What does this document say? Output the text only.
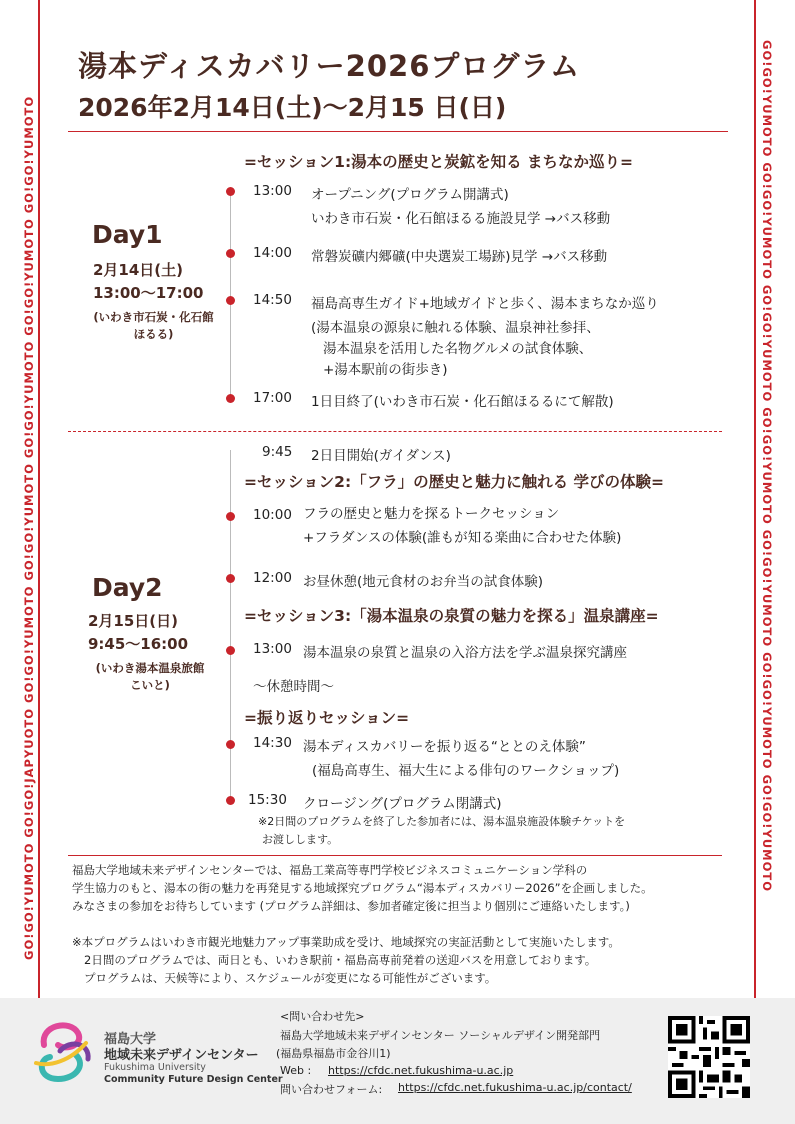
GO!GO!YUMOTO GO!GO!JAPYUOTO GO!GO!YUMOTO GO!GO!YUMOTO GO!GO!YUMOTO GO!GO!YUMOTO GO!GO!YUMOTO	GO!GO!YUMOTO GO!GO!YUMOTO GO!GO!YUMOTO GO!GO!YUMOTO GO!GO!YUMOTO GO!GO!YUMOTO GO!GO!YUMOTO
湯本ディスカバリー2026プログラム
2026年2月14日(土)〜2月15 日(日)
=セッション1:湯本の歴史と炭鉱を知る まちなか巡り=
=セッション2:「フラ」の歴史と魅力に触れる 学びの体験=
=セッション3:「湯本温泉の泉質の魅力を探る」温泉講座=
=振り返りセッション=
Day1
2月14日(土)
13:00〜17:00
(いわき市石炭・化石館
ほるる)
13:00 オープニング(プログラム開講式)
いわき市石炭・化石館ほるる施設見学 →バス移動
14:00 常磐炭礦内郷礦(中央選炭工場跡)見学 →バス移動
14:50 福島高専生ガイド+地域ガイドと歩く、湯本まちなか巡り
(湯本温泉の源泉に触れる体験、温泉神社参拝、
湯本温泉を活用した名物グルメの試食体験、
+湯本駅前の街歩き)
17:00 1日目終了(いわき市石炭・化石館ほるるにて解散)
Day2
2月15日(日)
9:45〜16:00
(いわき湯本温泉旅館
こいと)
9:45 2日目開始(ガイダンス)
10:00 フラの歴史と魅力を探るトークセッション
+フラダンスの体験(誰もが知る楽曲に合わせた体験)
12:00 お昼休憩(地元食材のお弁当の試食体験)
13:00 湯本温泉の泉質と温泉の入浴方法を学ぶ温泉探究講座
〜休憩時間〜
14:30 湯本ディスカバリーを振り返る“ととのえ体験”
(福島高専生、福大生による俳句のワークショップ)
15:30 クロージング(プログラム閉講式)
※2日間のプログラムを終了した参加者には、湯本温泉施設体験チケットを
お渡しします。
福島大学地域未来デザインセンターでは、福島工業高等専門学校ビジネスコミュニケーション学科の
学生協力のもと、湯本の街の魅力を再発見する地域探究プログラム“湯本ディスカバリー2026”を企画しました。
みなさまの参加をお待ちしています (プログラム詳細は、参加者確定後に担当より個別にご連絡いたします。)
※本プログラムはいわき市観光地魅力アップ事業助成を受け、地域探究の実証活動として実施いたします。
2日間のプログラムでは、両日とも、いわき駅前・福島高専前発着の送迎バスを用意しております。
プログラムは、天候等により、スケジュールが変更になる可能性がございます。
福島大学
地域未来デザインセンター
Fukushima University
Community Future Design Center
<問い合わせ先>
福島大学地域未来デザインセンター ソーシャルデザイン開発部門
(福島県福島市金谷川1)
Web : https://cfdc.net.fukushima-u.ac.jp
問い合わせフォーム: https://cfdc.net.fukushima-u.ac.jp/contact/
